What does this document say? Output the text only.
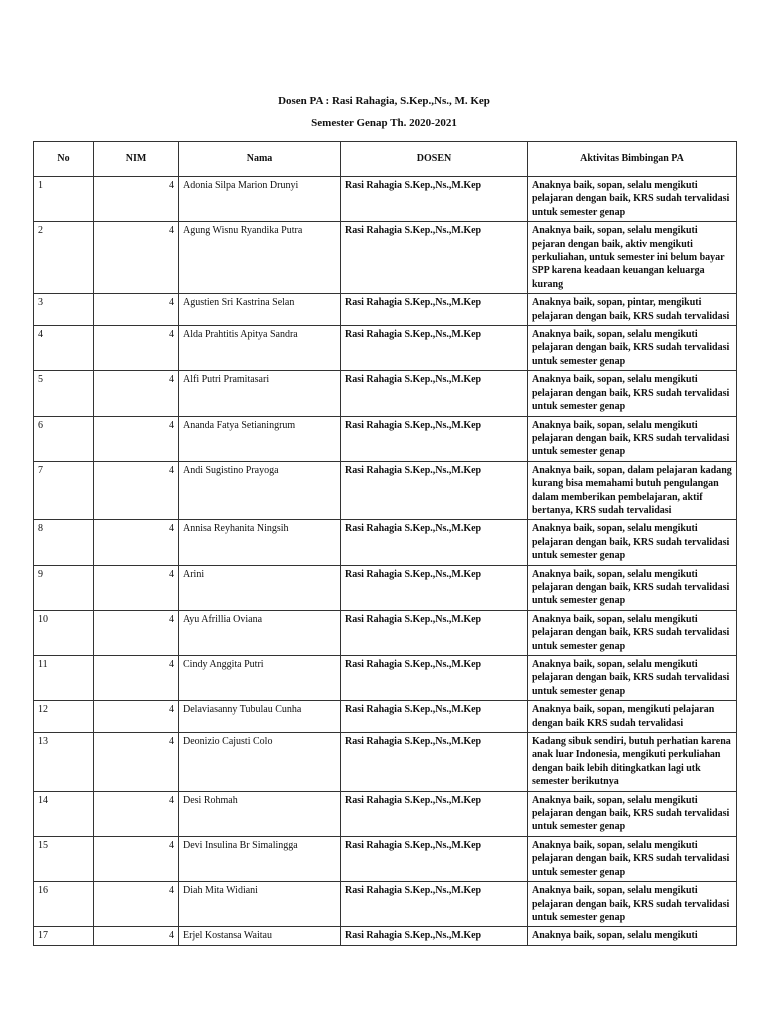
Dosen PA : Rasi Rahagia, S.Kep.,Ns., M. Kep
Semester Genap Th. 2020-2021
No	NIM	Nama	DOSEN	Aktivitas Bimbingan PA
1	4	Adonia Silpa Marion Drunyi	Rasi Rahagia S.Kep.,Ns.,M.Kep	Anaknya baik, sopan, selalu mengikuti pelajaran dengan baik, KRS sudah tervalidasi untuk semester genap
2	4	Agung Wisnu Ryandika Putra	Rasi Rahagia S.Kep.,Ns.,M.Kep	Anaknya baik, sopan, selalu mengikuti pejaran dengan baik, aktiv mengikuti perkuliahan, untuk semester ini belum bayar SPP karena keadaan keuangan keluarga kurang
3	4	Agustien Sri Kastrina Selan	Rasi Rahagia S.Kep.,Ns.,M.Kep	Anaknya baik, sopan, pintar, mengikuti pelajaran dengan baik, KRS sudah tervalidasi
4	4	Alda Prahtitis Apitya Sandra	Rasi Rahagia S.Kep.,Ns.,M.Kep	Anaknya baik, sopan, selalu mengikuti pelajaran dengan baik, KRS sudah tervalidasi untuk semester genap
5	4	Alfi Putri Pramitasari	Rasi Rahagia S.Kep.,Ns.,M.Kep	Anaknya baik, sopan, selalu mengikuti pelajaran dengan baik, KRS sudah tervalidasi untuk semester genap
6	4	Ananda Fatya Setianingrum	Rasi Rahagia S.Kep.,Ns.,M.Kep	Anaknya baik, sopan, selalu mengikuti pelajaran dengan baik, KRS sudah tervalidasi untuk semester genap
7	4	Andi Sugistino Prayoga	Rasi Rahagia S.Kep.,Ns.,M.Kep	Anaknya baik, sopan, dalam pelajaran kadang kurang bisa memahami butuh pengulangan dalam memberikan pembelajaran, aktif bertanya, KRS sudah tervalidasi
8	4	Annisa Reyhanita Ningsih	Rasi Rahagia S.Kep.,Ns.,M.Kep	Anaknya baik, sopan, selalu mengikuti pelajaran dengan baik, KRS sudah tervalidasi untuk semester genap
9	4	Arini	Rasi Rahagia S.Kep.,Ns.,M.Kep	Anaknya baik, sopan, selalu mengikuti pelajaran dengan baik, KRS sudah tervalidasi untuk semester genap
10	4	Ayu Afrillia Oviana	Rasi Rahagia S.Kep.,Ns.,M.Kep	Anaknya baik, sopan, selalu mengikuti pelajaran dengan baik, KRS sudah tervalidasi untuk semester genap
11	4	Cindy Anggita Putri	Rasi Rahagia S.Kep.,Ns.,M.Kep	Anaknya baik, sopan, selalu mengikuti pelajaran dengan baik, KRS sudah tervalidasi untuk semester genap
12	4	Delaviasanny Tubulau Cunha	Rasi Rahagia S.Kep.,Ns.,M.Kep	Anaknya baik, sopan, mengikuti pelajaran dengan baik KRS sudah tervalidasi
13	4	Deonizio Cajusti Colo	Rasi Rahagia S.Kep.,Ns.,M.Kep	Kadang sibuk sendiri, butuh perhatian karena anak luar Indonesia, mengikuti perkuliahan dengan baik lebih ditingkatkan lagi utk semester berikutnya
14	4	Desi Rohmah	Rasi Rahagia S.Kep.,Ns.,M.Kep	Anaknya baik, sopan, selalu mengikuti pelajaran dengan baik, KRS sudah tervalidasi untuk semester genap
15	4	Devi Insulina Br Simalingga	Rasi Rahagia S.Kep.,Ns.,M.Kep	Anaknya baik, sopan, selalu mengikuti pelajaran dengan baik, KRS sudah tervalidasi untuk semester genap
16	4	Diah Mita Widiani	Rasi Rahagia S.Kep.,Ns.,M.Kep	Anaknya baik, sopan, selalu mengikuti pelajaran dengan baik, KRS sudah tervalidasi untuk semester genap
17	4	Erjel Kostansa Waitau	Rasi Rahagia S.Kep.,Ns.,M.Kep	Anaknya baik, sopan, selalu mengikuti
